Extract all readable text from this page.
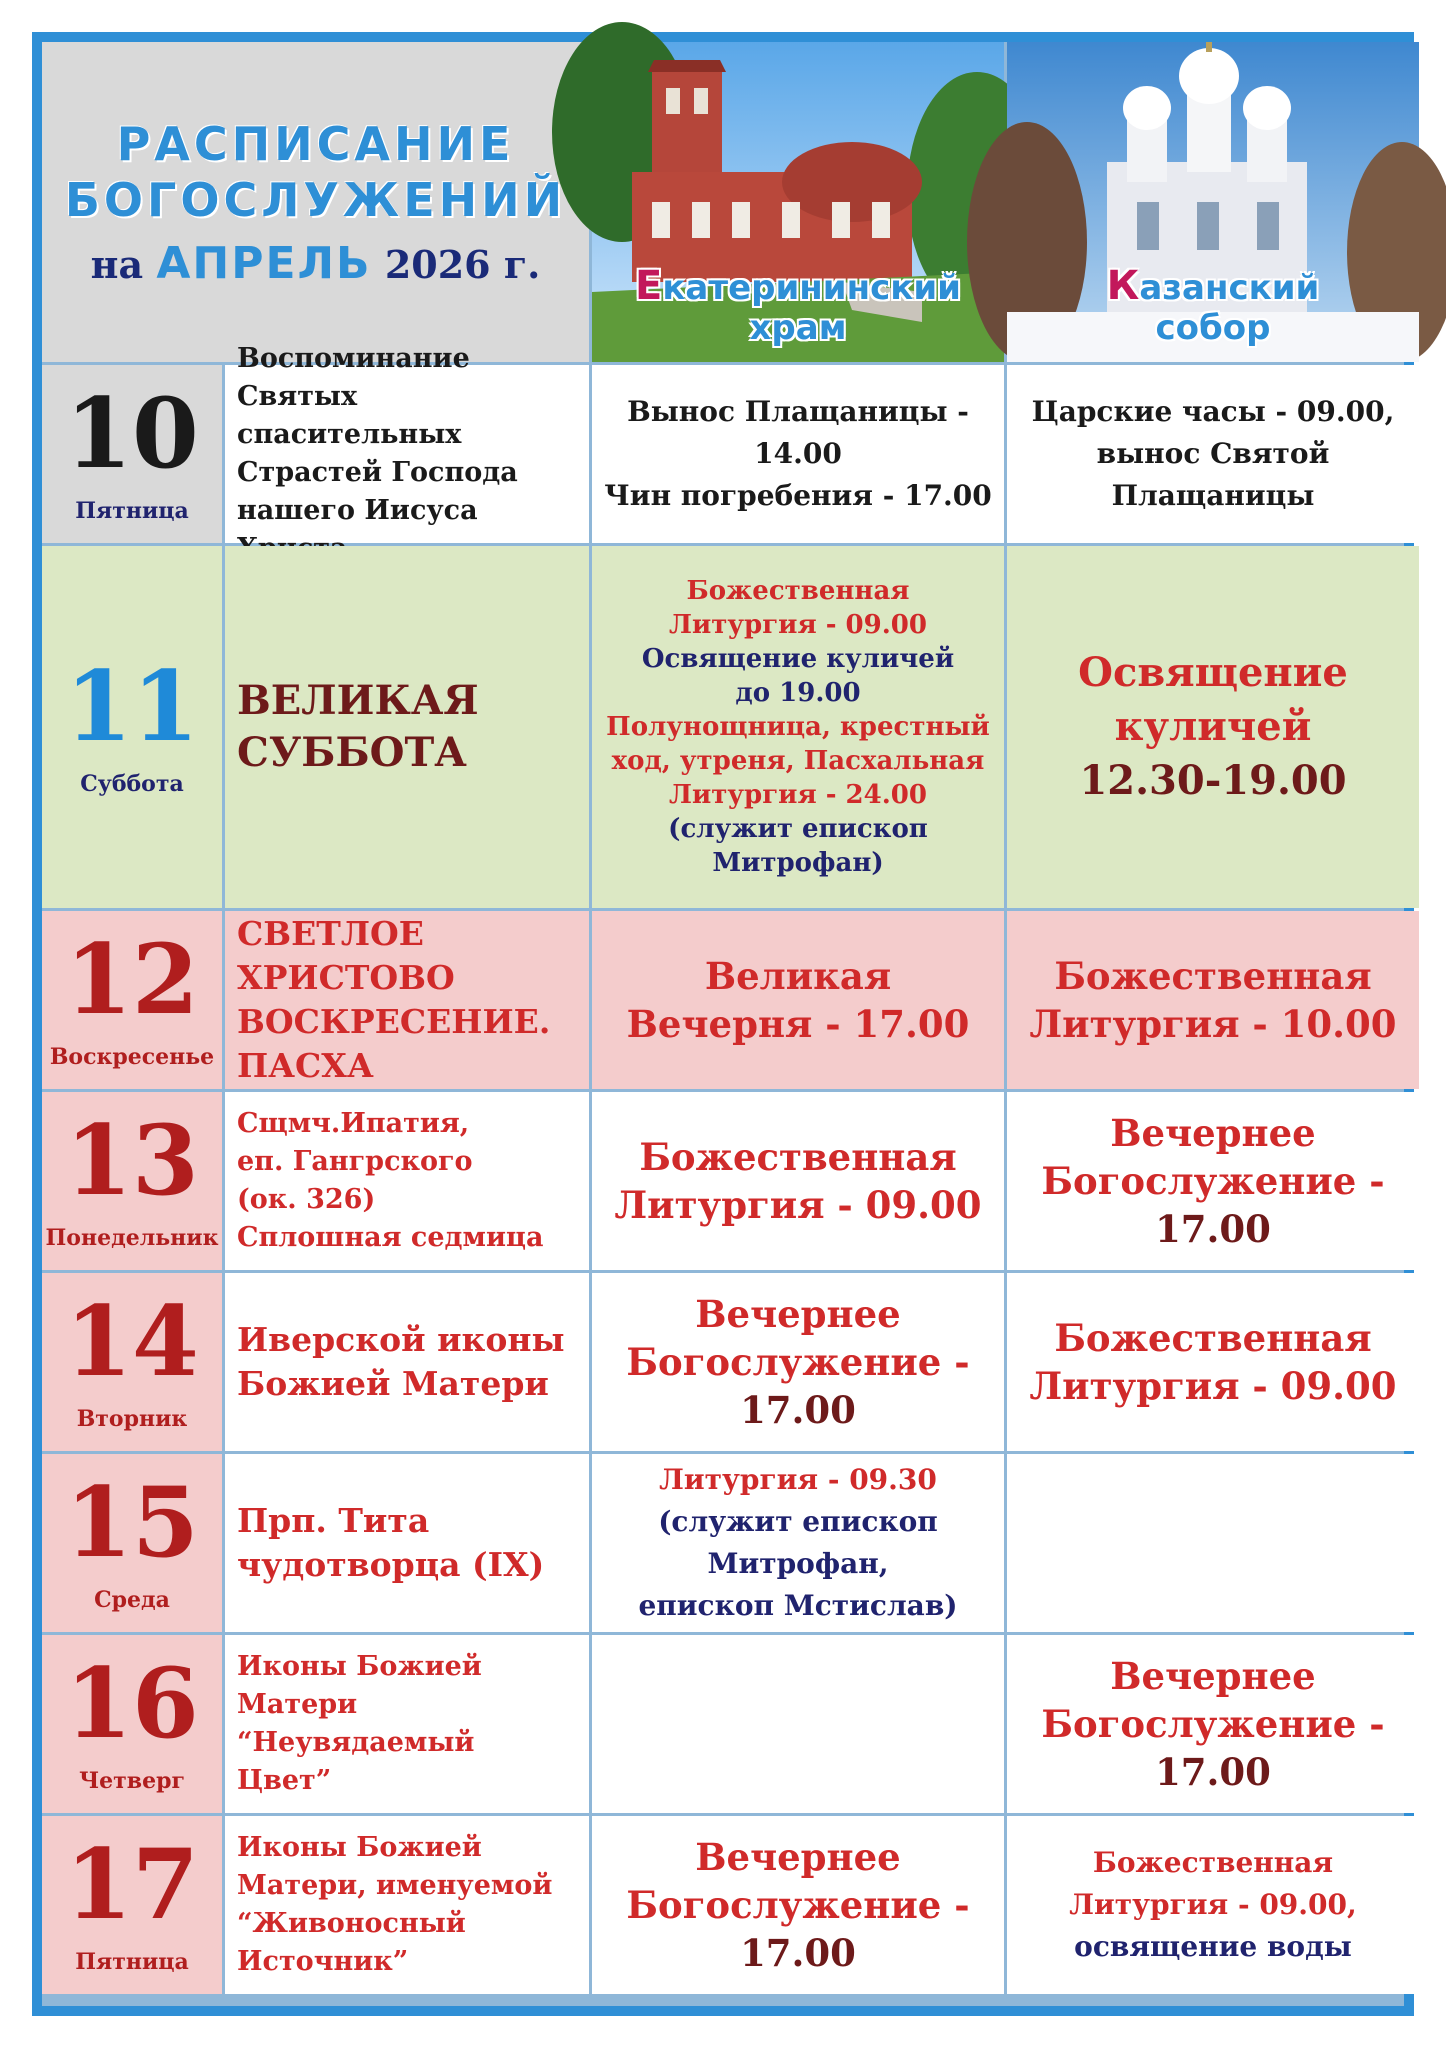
РАСПИСАНИЕ
БОГОСЛУЖЕНИЙ
на АПРЕЛЬ 2026 г.	Екатерининский
храм
Казанский
собор
10
Пятница
Воспоминание Святых
спасительных
Страстей Господа
нашего Иисуса
Вынос Плащаницы -
14.00
Чин погребения - 17.00
Царские часы - 09.00,
вынос Святой
Плащаницы
11
Суббота
ВЕЛИКАЯ
СУББОТА
Божественная
Литургия - 09.00
Освящение куличей
до 19.00
Полунощница, крестный
ход, утреня, Пасхальная
Литургия - 24.00
(служит епископ
Митрофан)
Освящение
куличей
12.30-19.00
12
Воскресенье
СВЕТЛОЕ
ХРИСТОВО
ВОСКРЕСЕНИЕ.
ПАСХА
Великая
Вечерня - 17.00
Божественная
Литургия - 10.00
13
Понедельник
Сщмч.Ипатия,
еп. Гангрского
(ок. 326)
Сплошная седмица
Божественная
Литургия - 09.00
Вечернее
Богослужение -
17.00
14
Вторник
Иверской иконы
Божией Матери
Вечернее
Богослужение -
17.00
Божественная
Литургия - 09.00
15
Среда
Прп. Тита
чудотворца (IX)
Литургия - 09.30
(служит епископ
Митрофан,
епископ Мстислав)
16
Четверг
Иконы Божией
Матери
“Неувядаемый
Цвет”
Вечернее
Богослужение -
17.00
17
Пятница
Иконы Божией
Матери, именуемой
“Живоносный
Источник”
Вечернее
Богослужение -
17.00
Божественная
Литургия - 09.00,
освящение воды
